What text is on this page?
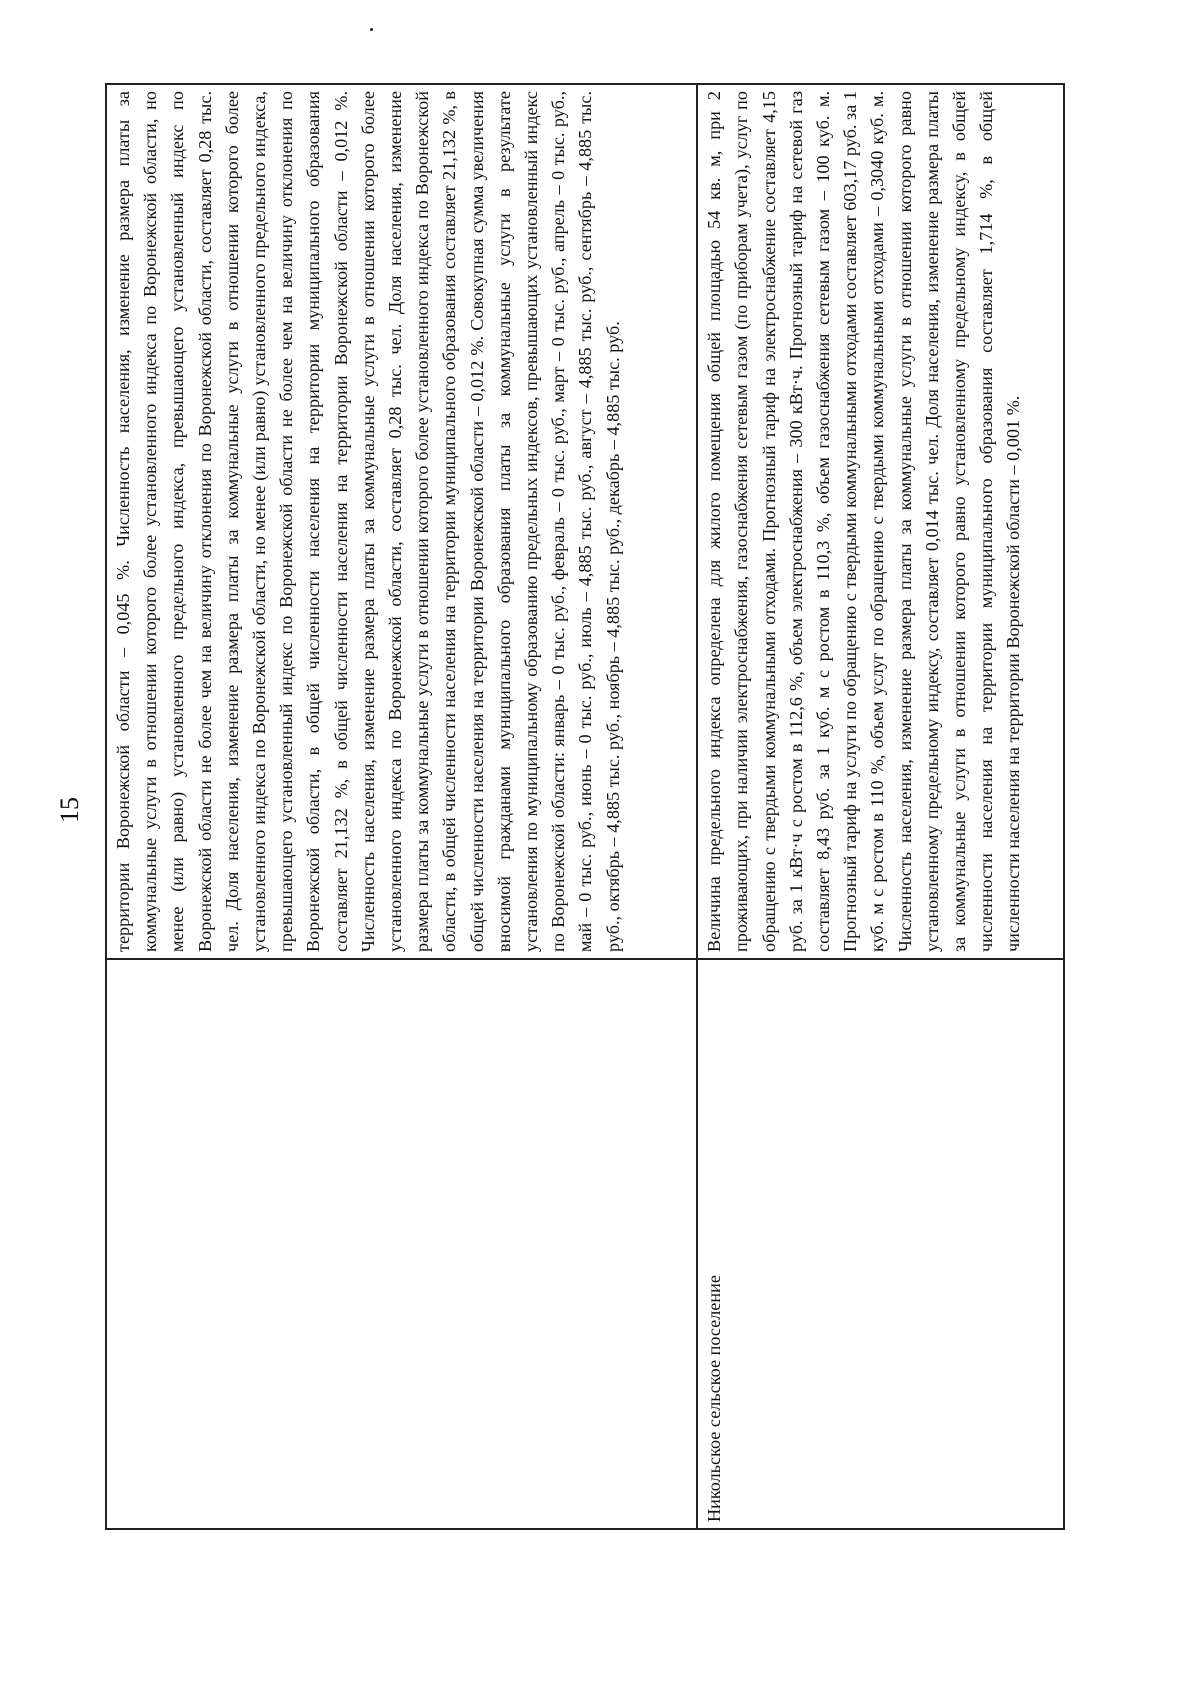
15
		территории Воронежской области – 0,045 %. Численность населения, изменение размера платы за коммунальные услуги в отношении которого более установленного индекса по Воронежской области, но менее (или равно) установленного предельного индекса, превышающего установленный индекс по Воронежской области не более чем на величину отклонения по Воронежской области, составляет 0,28 тыс. чел. Доля населения, изменение размера платы за коммунальные услуги в отношении которого более установленного индекса по Воронежской области, но менее (или равно) установленного предельного индекса, превышающего установленный индекс по Воронежской области не более чем на величину отклонения по Воронежской области, в общей численности населения на территории муниципального образования составляет 21,132 %, в общей численности населения на территории Воронежской области – 0,012 %. Численность населения, изменение размера платы за коммунальные услуги в отношении которого более установленного индекса по Воронежской области, составляет 0,28 тыс. чел. Доля населения, изменение размера платы за коммунальные услуги в отношении которого более установленного индекса по Воронежской области, в общей численности населения на территории муниципального образования составляет 21,132 %, в общей численности населения на территории Воронежской области – 0,012 %. Совокупная сумма увеличения вносимой гражданами муниципального образования платы за коммунальные услуги в результате установления по муниципальному образованию предельных индексов, превышающих установленный индекс по Воронежской области: январь – 0 тыс. руб., февраль – 0 тыс. руб., март – 0 тыс. руб., апрель – 0 тыс. руб., май – 0 тыс. руб., июнь – 0 тыс. руб., июль – 4,885 тыс. руб., август – 4,885 тыс. руб., сентябрь – 4,885 тыс. руб., октябрь – 4,885 тыс. руб., ноябрь – 4,885 тыс. руб., декабрь – 4,885 тыс. руб.
Никольское сельское поселение	Величина предельного индекса определена для жилого помещения общей площадью 54 кв. м, при 2 проживающих, при наличии электроснабжения, газоснабжения сетевым газом (по приборам учета), услуг по обращению с твердыми коммунальными отходами. Прогнозный тариф на электроснабжение составляет 4,15 руб. за 1 кВт·ч с ростом в 112,6 %, объем электроснабжения – 300 кВт·ч. Прогнозный тариф на сетевой газ составляет 8,43 руб. за 1 куб. м с ростом в 110,3 %, объем газоснабжения сетевым газом – 100 куб. м. Прогнозный тариф на услуги по обращению с твердыми коммунальными отходами составляет 603,17 руб. за 1 куб. м с ростом в 110 %, объем услуг по обращению с твердыми коммунальными отходами – 0,3040 куб. м. Численность населения, изменение размера платы за коммунальные услуги в отношении которого равно установленному предельному индексу, составляет 0,014 тыс. чел. Доля населения, изменение размера платы за коммунальные услуги в отношении которого равно установленному предельному индексу, в общей численности населения на территории муниципального образования составляет 1,714 %, в общей численности населения на территории Воронежской области – 0,001 %.
